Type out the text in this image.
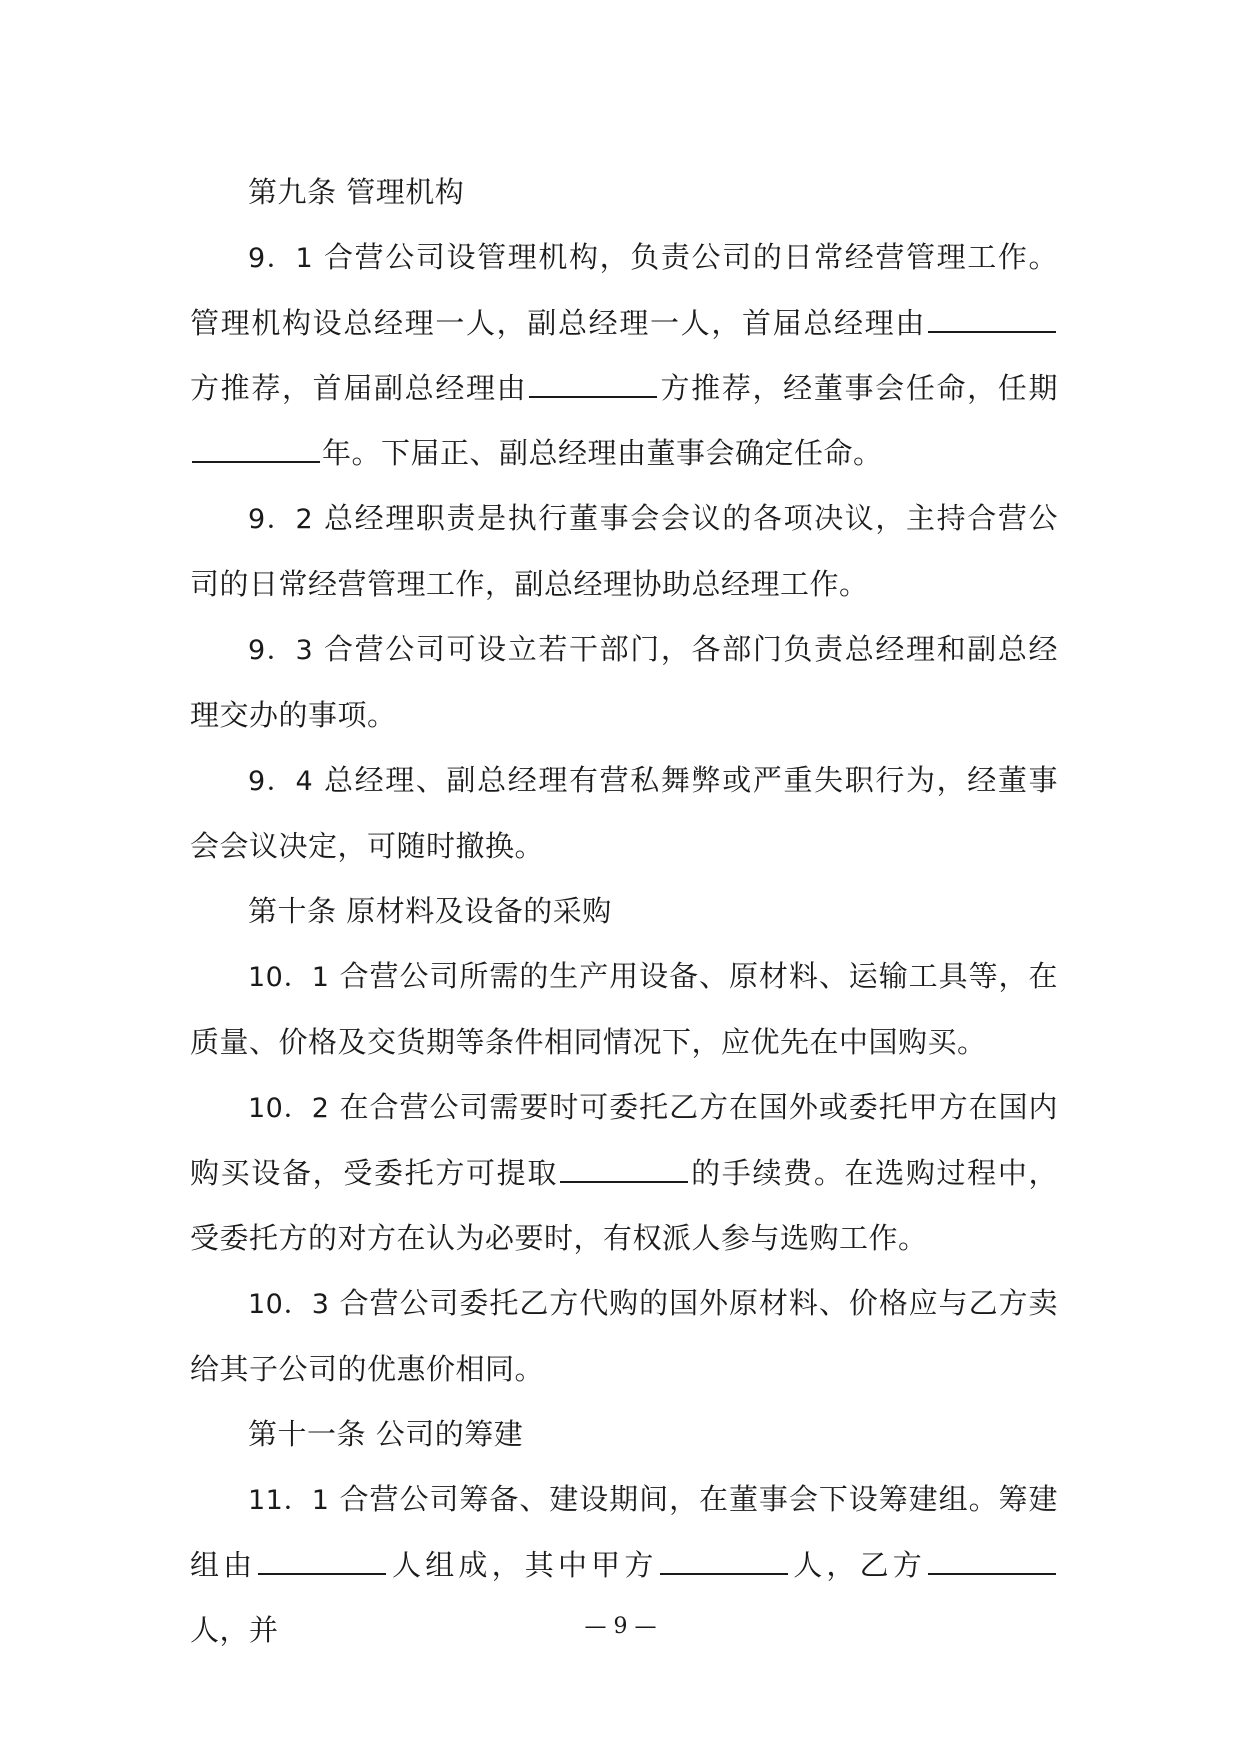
第九条 管理机构

9．1 合营公司设管理机构，负责公司的日常经营管理工作。管理机构设总经理一人，副总经理一人，首届总经理由方推荐，首届副总经理由	方推荐，经董事会任命，任期年。下届正、副总经理由董事会确定任命。

9．2 总经理职责是执行董事会会议的各项决议，主持合营公司的日常经营管理工作，副总经理协助总经理工作。

9．3 合营公司可设立若干部门，各部门负责总经理和副总经理交办的事项。

9．4 总经理、副总经理有营私舞弊或严重失职行为，经董事会会议决定，可随时撤换。

第十条 原材料及设备的采购

10．1 合营公司所需的生产用设备、原材料、运输工具等，在质量、价格及交货期等条件相同情况下，应优先在中国购买。

10．2 在合营公司需要时可委托乙方在国外或委托甲方在国内购买设备，受委托方可提取	的手续费。在选购过程中，受委托方的对方在认为必要时，有权派人参与选购工作。

10．3 合营公司委托乙方代购的国外原材料、价格应与乙方卖给其子公司的优惠价相同。

第十一条 公司的筹建

11．1 合营公司筹备、建设期间，在董事会下设筹建组。筹建组由	人组成，其中甲方	人，乙方人，并	— 9 —
